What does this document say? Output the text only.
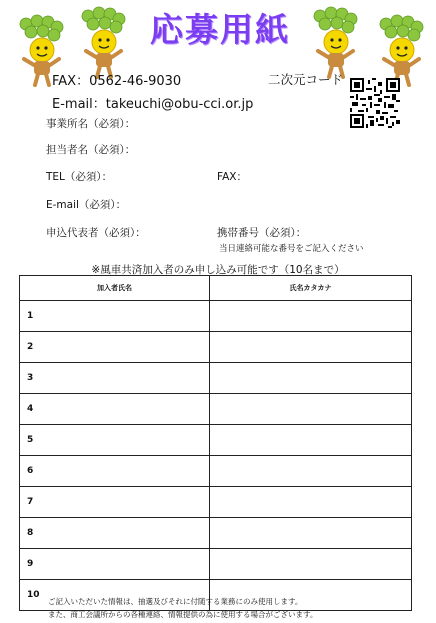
応募用紙
FAX：0562-46-9030	二次元コード
E-mail：takeuchi@obu-cci.or.jp
事業所名（必須）：
担当者名（必須）：
TEL（必須）：	FAX：
E-mail（必須）：
申込代表者（必須）：	携帯番号（必須）：
当日連絡可能な番号をご記入ください
※風車共済加入者のみ申し込み可能です（10名まで）
加入者氏名	氏名カタカナ
1	
2	
3	
4	
5	
6	
7	
8	
9	
10	
ご記入いただいた情報は、抽選及びそれに付随する業務にのみ使用します。
また、商工会議所からの各種連絡、情報提供の為に使用する場合がございます。
